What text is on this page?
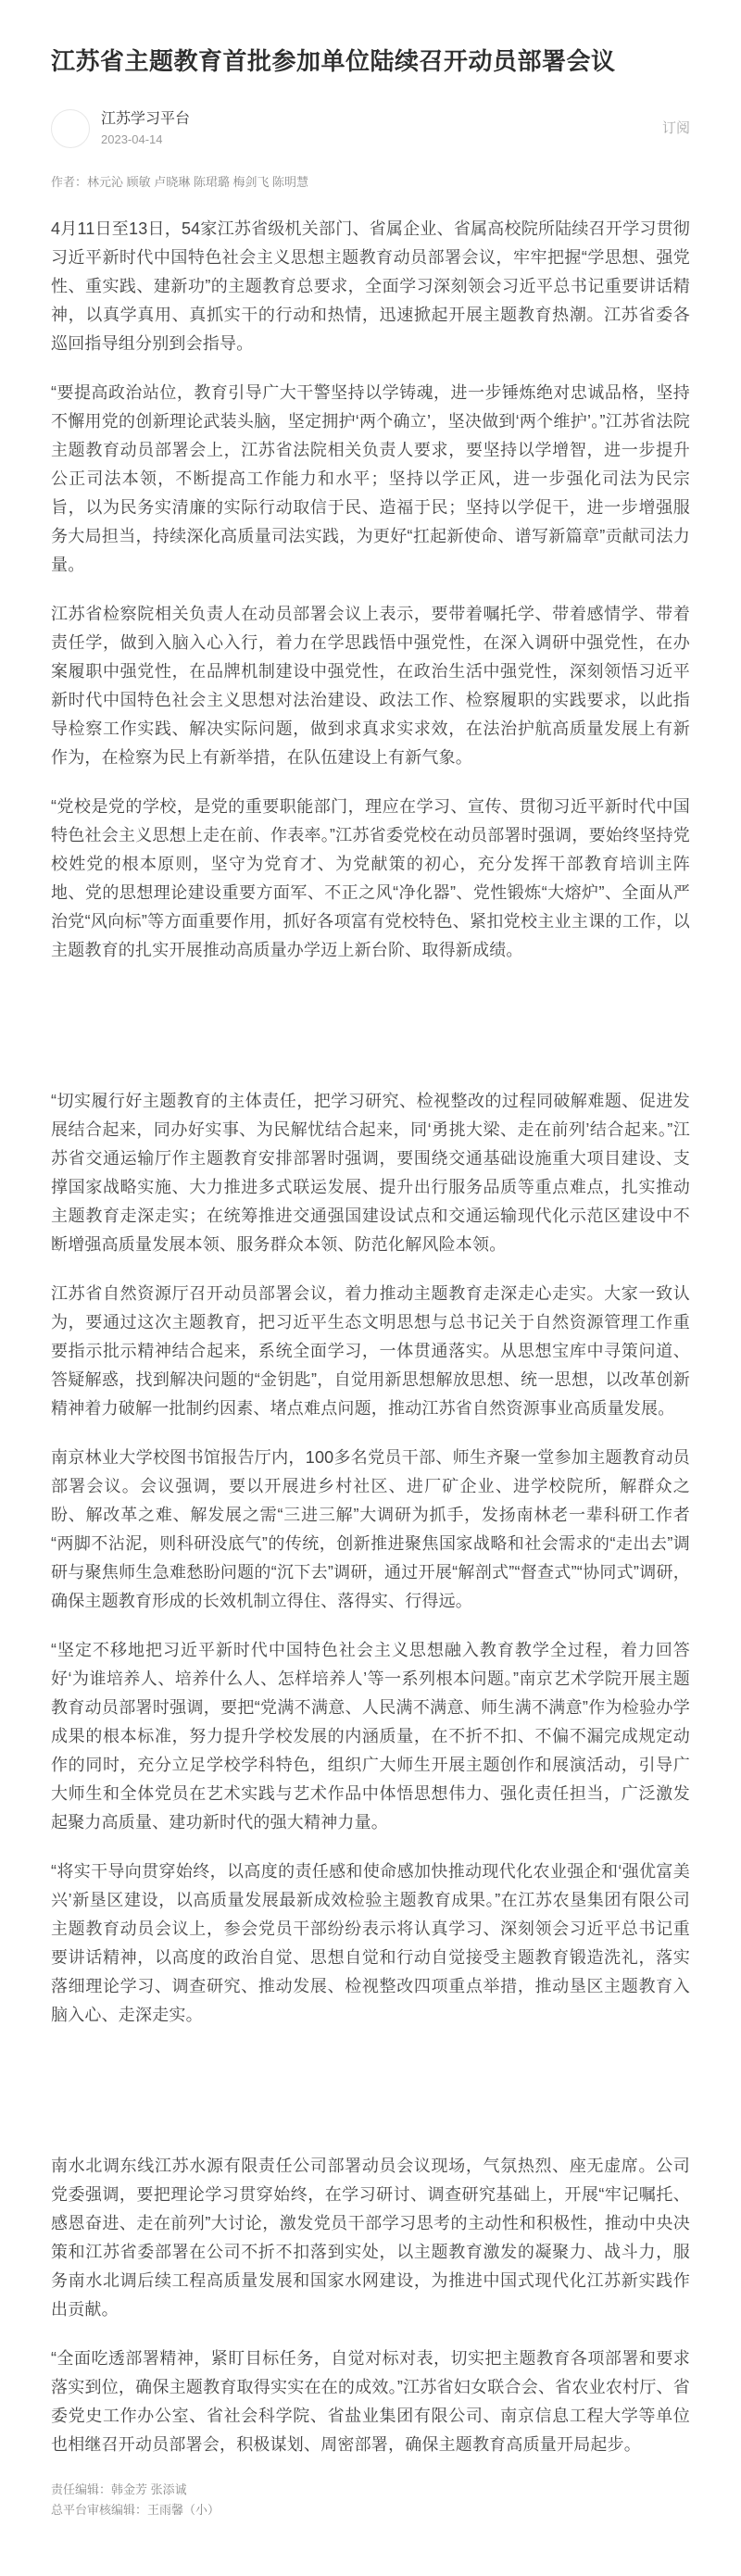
江苏省主题教育首批参加单位陆续召开动员部署会议
江苏学习平台
2023-04-14
订阅
作者：林元沁 顾敏 卢晓琳 陈珺璐 梅剑飞 陈明慧

4月11日至13日，54家江苏省级机关部门、省属企业、省属高校院所陆续召开学习贯彻习近平新时代中国特色社会主义思想主题教育动员部署会议，牢牢把握“学思想、强党性、重实践、建新功”的主题教育总要求，全面学习深刻领会习近平总书记重要讲话精神，以真学真用、真抓实干的行动和热情，迅速掀起开展主题教育热潮。江苏省委各巡回指导组分别到会指导。

“要提高政治站位，教育引导广大干警坚持以学铸魂，进一步锤炼绝对忠诚品格，坚持不懈用党的创新理论武装头脑，坚定拥护‘两个确立’，坚决做到‘两个维护’。”江苏省法院主题教育动员部署会上，江苏省法院相关负责人要求，要坚持以学增智，进一步提升公正司法本领，不断提高工作能力和水平；坚持以学正风，进一步强化司法为民宗旨，以为民务实清廉的实际行动取信于民、造福于民；坚持以学促干，进一步增强服务大局担当，持续深化高质量司法实践，为更好“扛起新使命、谱写新篇章”贡献司法力量。

江苏省检察院相关负责人在动员部署会议上表示，要带着嘱托学、带着感情学、带着责任学，做到入脑入心入行，着力在学思践悟中强党性，在深入调研中强党性，在办案履职中强党性，在品牌机制建设中强党性，在政治生活中强党性，深刻领悟习近平新时代中国特色社会主义思想对法治建设、政法工作、检察履职的实践要求，以此指导检察工作实践、解决实际问题，做到求真求实求效，在法治护航高质量发展上有新作为，在检察为民上有新举措，在队伍建设上有新气象。

“党校是党的学校，是党的重要职能部门，理应在学习、宣传、贯彻习近平新时代中国特色社会主义思想上走在前、作表率。”江苏省委党校在动员部署时强调，要始终坚持党校姓党的根本原则，坚守为党育才、为党献策的初心，充分发挥干部教育培训主阵地、党的思想理论建设重要方面军、不正之风“净化器”、党性锻炼“大熔炉”、全面从严治党“风向标”等方面重要作用，抓好各项富有党校特色、紧扣党校主业主课的工作，以主题教育的扎实开展推动高质量办学迈上新台阶、取得新成绩。

“切实履行好主题教育的主体责任，把学习研究、检视整改的过程同破解难题、促进发展结合起来，同办好实事、为民解忧结合起来，同‘勇挑大梁、走在前列’结合起来。”江苏省交通运输厅作主题教育安排部署时强调，要围绕交通基础设施重大项目建设、支撑国家战略实施、大力推进多式联运发展、提升出行服务品质等重点难点，扎实推动主题教育走深走实；在统筹推进交通强国建设试点和交通运输现代化示范区建设中不断增强高质量发展本领、服务群众本领、防范化解风险本领。

江苏省自然资源厅召开动员部署会议，着力推动主题教育走深走心走实。大家一致认为，要通过这次主题教育，把习近平生态文明思想与总书记关于自然资源管理工作重要指示批示精神结合起来，系统全面学习，一体贯通落实。从思想宝库中寻策问道、答疑解惑，找到解决问题的“金钥匙”，自觉用新思想解放思想、统一思想，以改革创新精神着力破解一批制约因素、堵点难点问题，推动江苏省自然资源事业高质量发展。

南京林业大学校图书馆报告厅内，100多名党员干部、师生齐聚一堂参加主题教育动员部署会议。会议强调，要以开展进乡村社区、进厂矿企业、进学校院所，解群众之盼、解改革之难、解发展之需“三进三解”大调研为抓手，发扬南林老一辈科研工作者“两脚不沾泥，则科研没底气”的传统，创新推进聚焦国家战略和社会需求的“走出去”调研与聚焦师生急难愁盼问题的“沉下去”调研，通过开展“解剖式”“督查式”“协同式”调研，确保主题教育形成的长效机制立得住、落得实、行得远。

“坚定不移地把习近平新时代中国特色社会主义思想融入教育教学全过程，着力回答好‘为谁培养人、培养什么人、怎样培养人’等一系列根本问题。”南京艺术学院开展主题教育动员部署时强调，要把“党满不满意、人民满不满意、师生满不满意”作为检验办学成果的根本标准，努力提升学校发展的内涵质量，在不折不扣、不偏不漏完成规定动作的同时，充分立足学校学科特色，组织广大师生开展主题创作和展演活动，引导广大师生和全体党员在艺术实践与艺术作品中体悟思想伟力、强化责任担当，广泛激发起聚力高质量、建功新时代的强大精神力量。

“将实干导向贯穿始终，以高度的责任感和使命感加快推动现代化农业强企和‘强优富美兴’新垦区建设，以高质量发展最新成效检验主题教育成果。”在江苏农垦集团有限公司主题教育动员会议上，参会党员干部纷纷表示将认真学习、深刻领会习近平总书记重要讲话精神，以高度的政治自觉、思想自觉和行动自觉接受主题教育锻造洗礼，落实落细理论学习、调查研究、推动发展、检视整改四项重点举措，推动垦区主题教育入脑入心、走深走实。

南水北调东线江苏水源有限责任公司部署动员会议现场，气氛热烈、座无虚席。公司党委强调，要把理论学习贯穿始终，在学习研讨、调查研究基础上，开展“牢记嘱托、感恩奋进、走在前列”大讨论，激发党员干部学习思考的主动性和积极性，推动中央决策和江苏省委部署在公司不折不扣落到实处，以主题教育激发的凝聚力、战斗力，服务南水北调后续工程高质量发展和国家水网建设，为推进中国式现代化江苏新实践作出贡献。

“全面吃透部署精神，紧盯目标任务，自觉对标对表，切实把主题教育各项部署和要求落实到位，确保主题教育取得实实在在的成效。”江苏省妇女联合会、省农业农村厅、省委党史工作办公室、省社会科学院、省盐业集团有限公司、南京信息工程大学等单位也相继召开动员部署会，积极谋划、周密部署，确保主题教育高质量开局起步。

责任编辑：韩金芳 张添诚
总平台审核编辑：王雨馨（小）
